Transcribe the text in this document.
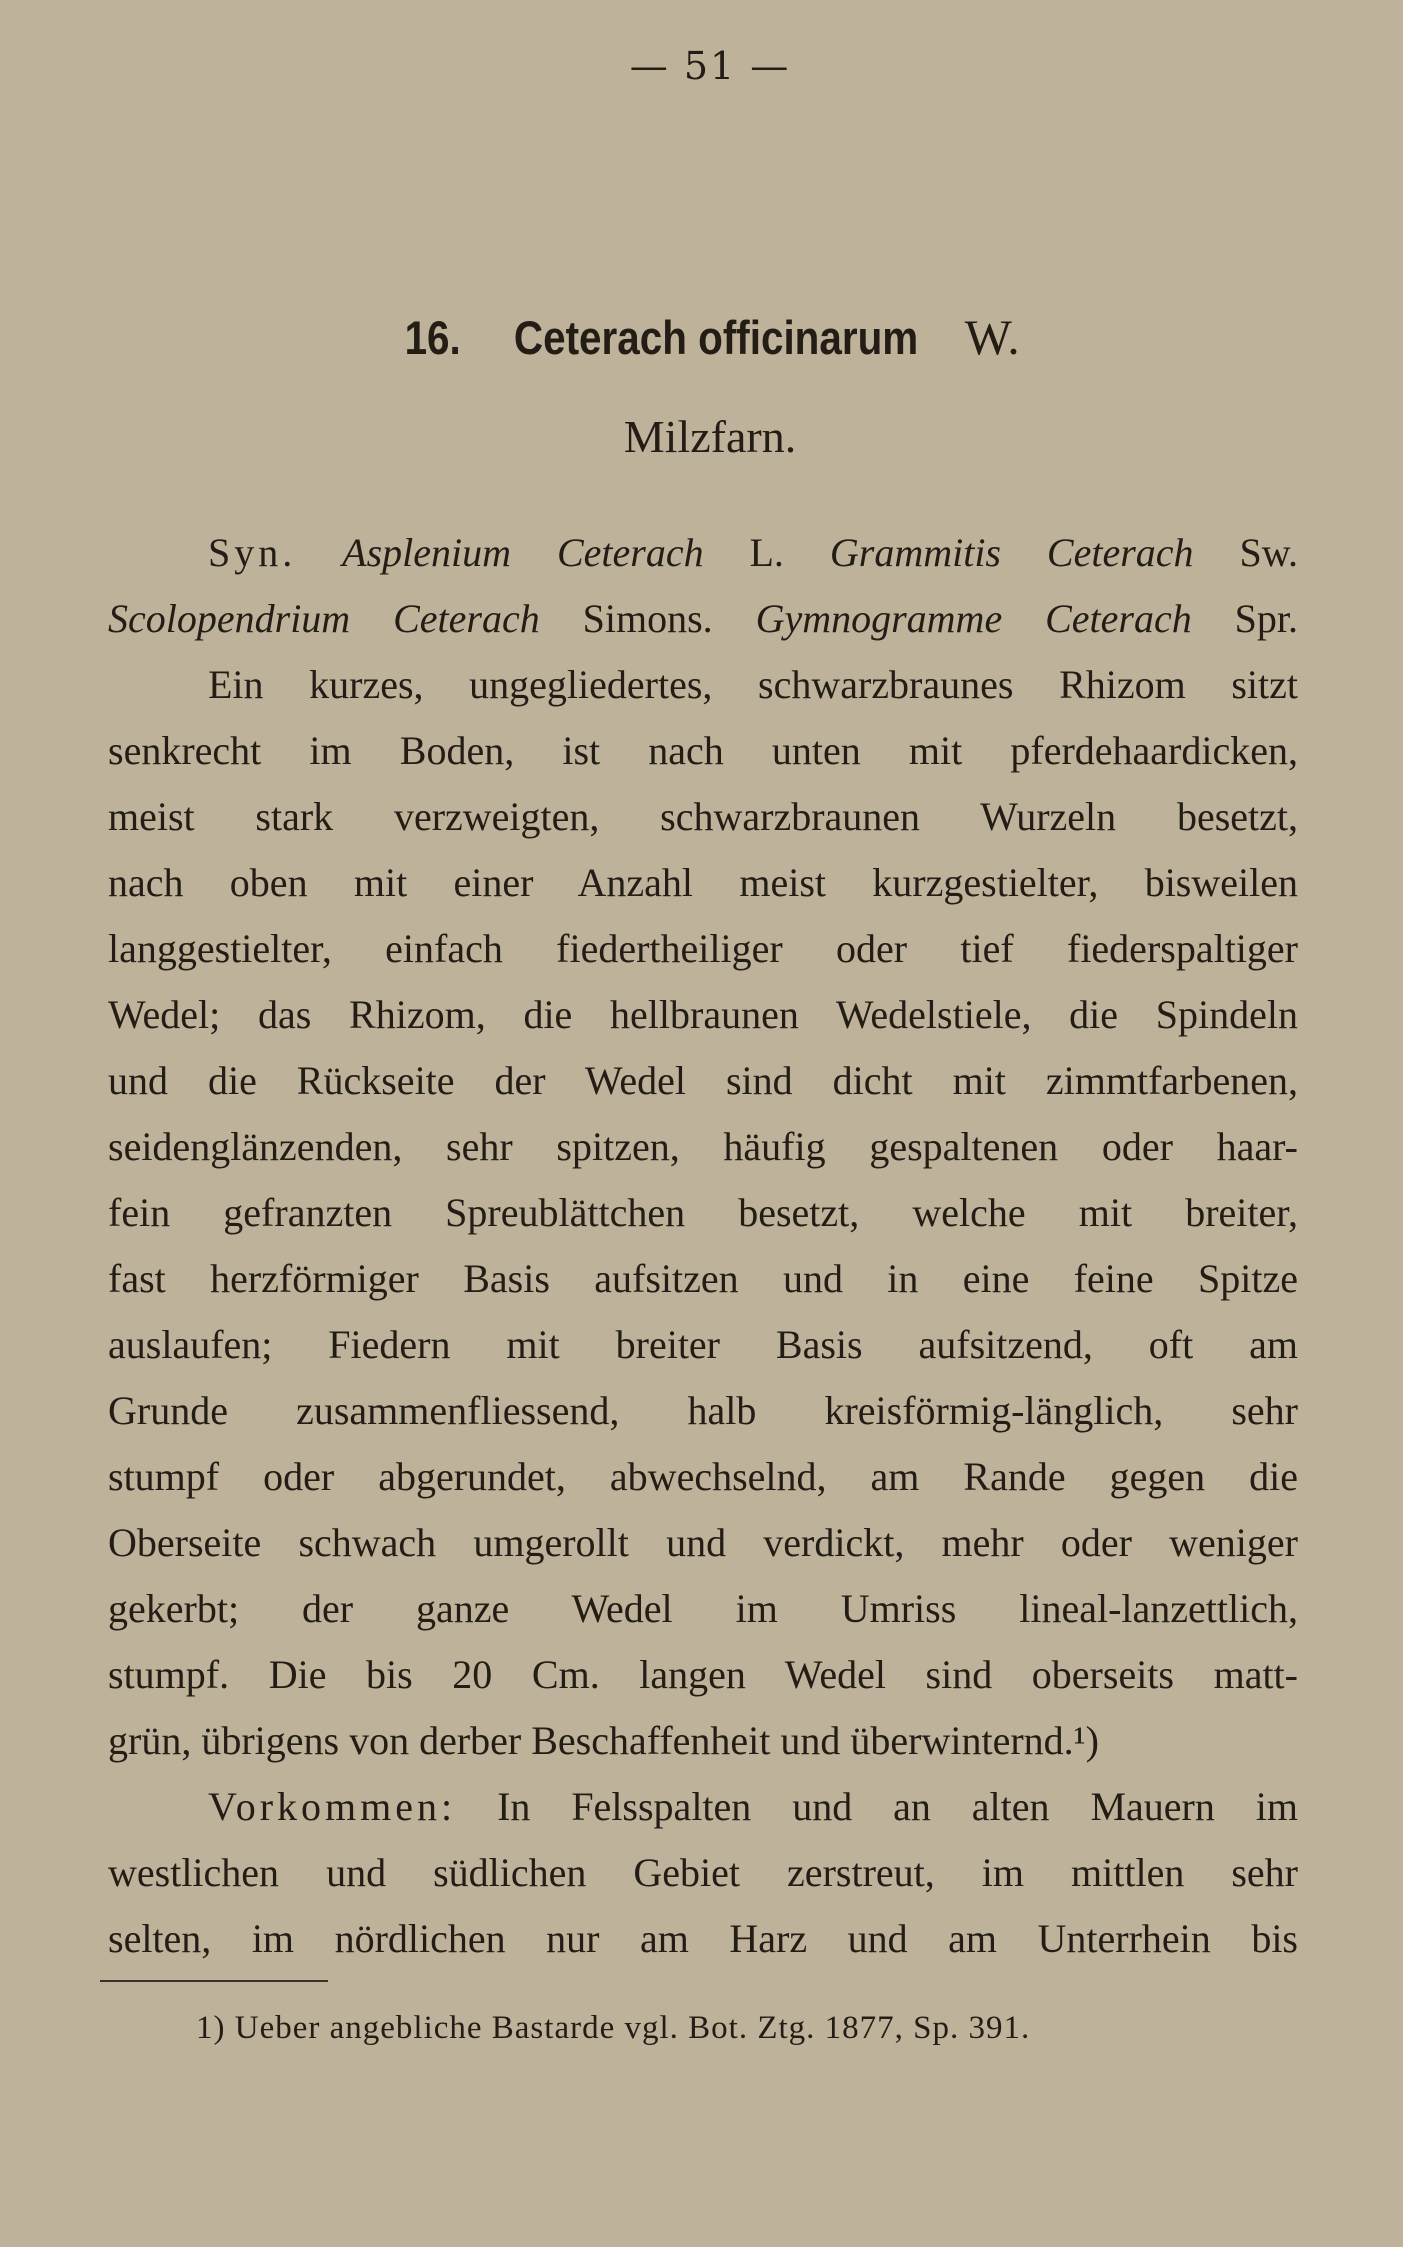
— 51 —
16. Ceterach officinarum W.
Milzfarn.
Syn. Asplenium Ceterach L. Grammitis Ceterach Sw.
Scolopendrium Ceterach Simons. Gymnogramme Ceterach Spr.
Ein kurzes, ungegliedertes, schwarzbraunes Rhizom sitzt
senkrecht im Boden, ist nach unten mit pferdehaardicken,
meist stark verzweigten, schwarzbraunen Wurzeln besetzt,
nach oben mit einer Anzahl meist kurzgestielter, bisweilen
langgestielter, einfach fiedertheiliger oder tief fiederspaltiger
Wedel; das Rhizom, die hellbraunen Wedelstiele, die Spindeln
und die Rückseite der Wedel sind dicht mit zimmtfarbenen,
seidenglänzenden, sehr spitzen, häufig gespaltenen oder haar-
fein gefranzten Spreublättchen besetzt, welche mit breiter,
fast herzförmiger Basis aufsitzen und in eine feine Spitze
auslaufen; Fiedern mit breiter Basis aufsitzend, oft am
Grunde zusammenfliessend, halb kreisförmig-länglich, sehr
stumpf oder abgerundet, abwechselnd, am Rande gegen die
Oberseite schwach umgerollt und verdickt, mehr oder weniger
gekerbt; der ganze Wedel im Umriss lineal-lanzettlich,
stumpf. Die bis 20 Cm. langen Wedel sind oberseits matt-
grün, übrigens von derber Beschaffenheit und überwinternd.¹)
Vorkommen: In Felsspalten und an alten Mauern im
westlichen und südlichen Gebiet zerstreut, im mittlen sehr
selten, im nördlichen nur am Harz und am Unterrhein bis
1) Ueber angebliche Bastarde vgl. Bot. Ztg. 1877, Sp. 391.
